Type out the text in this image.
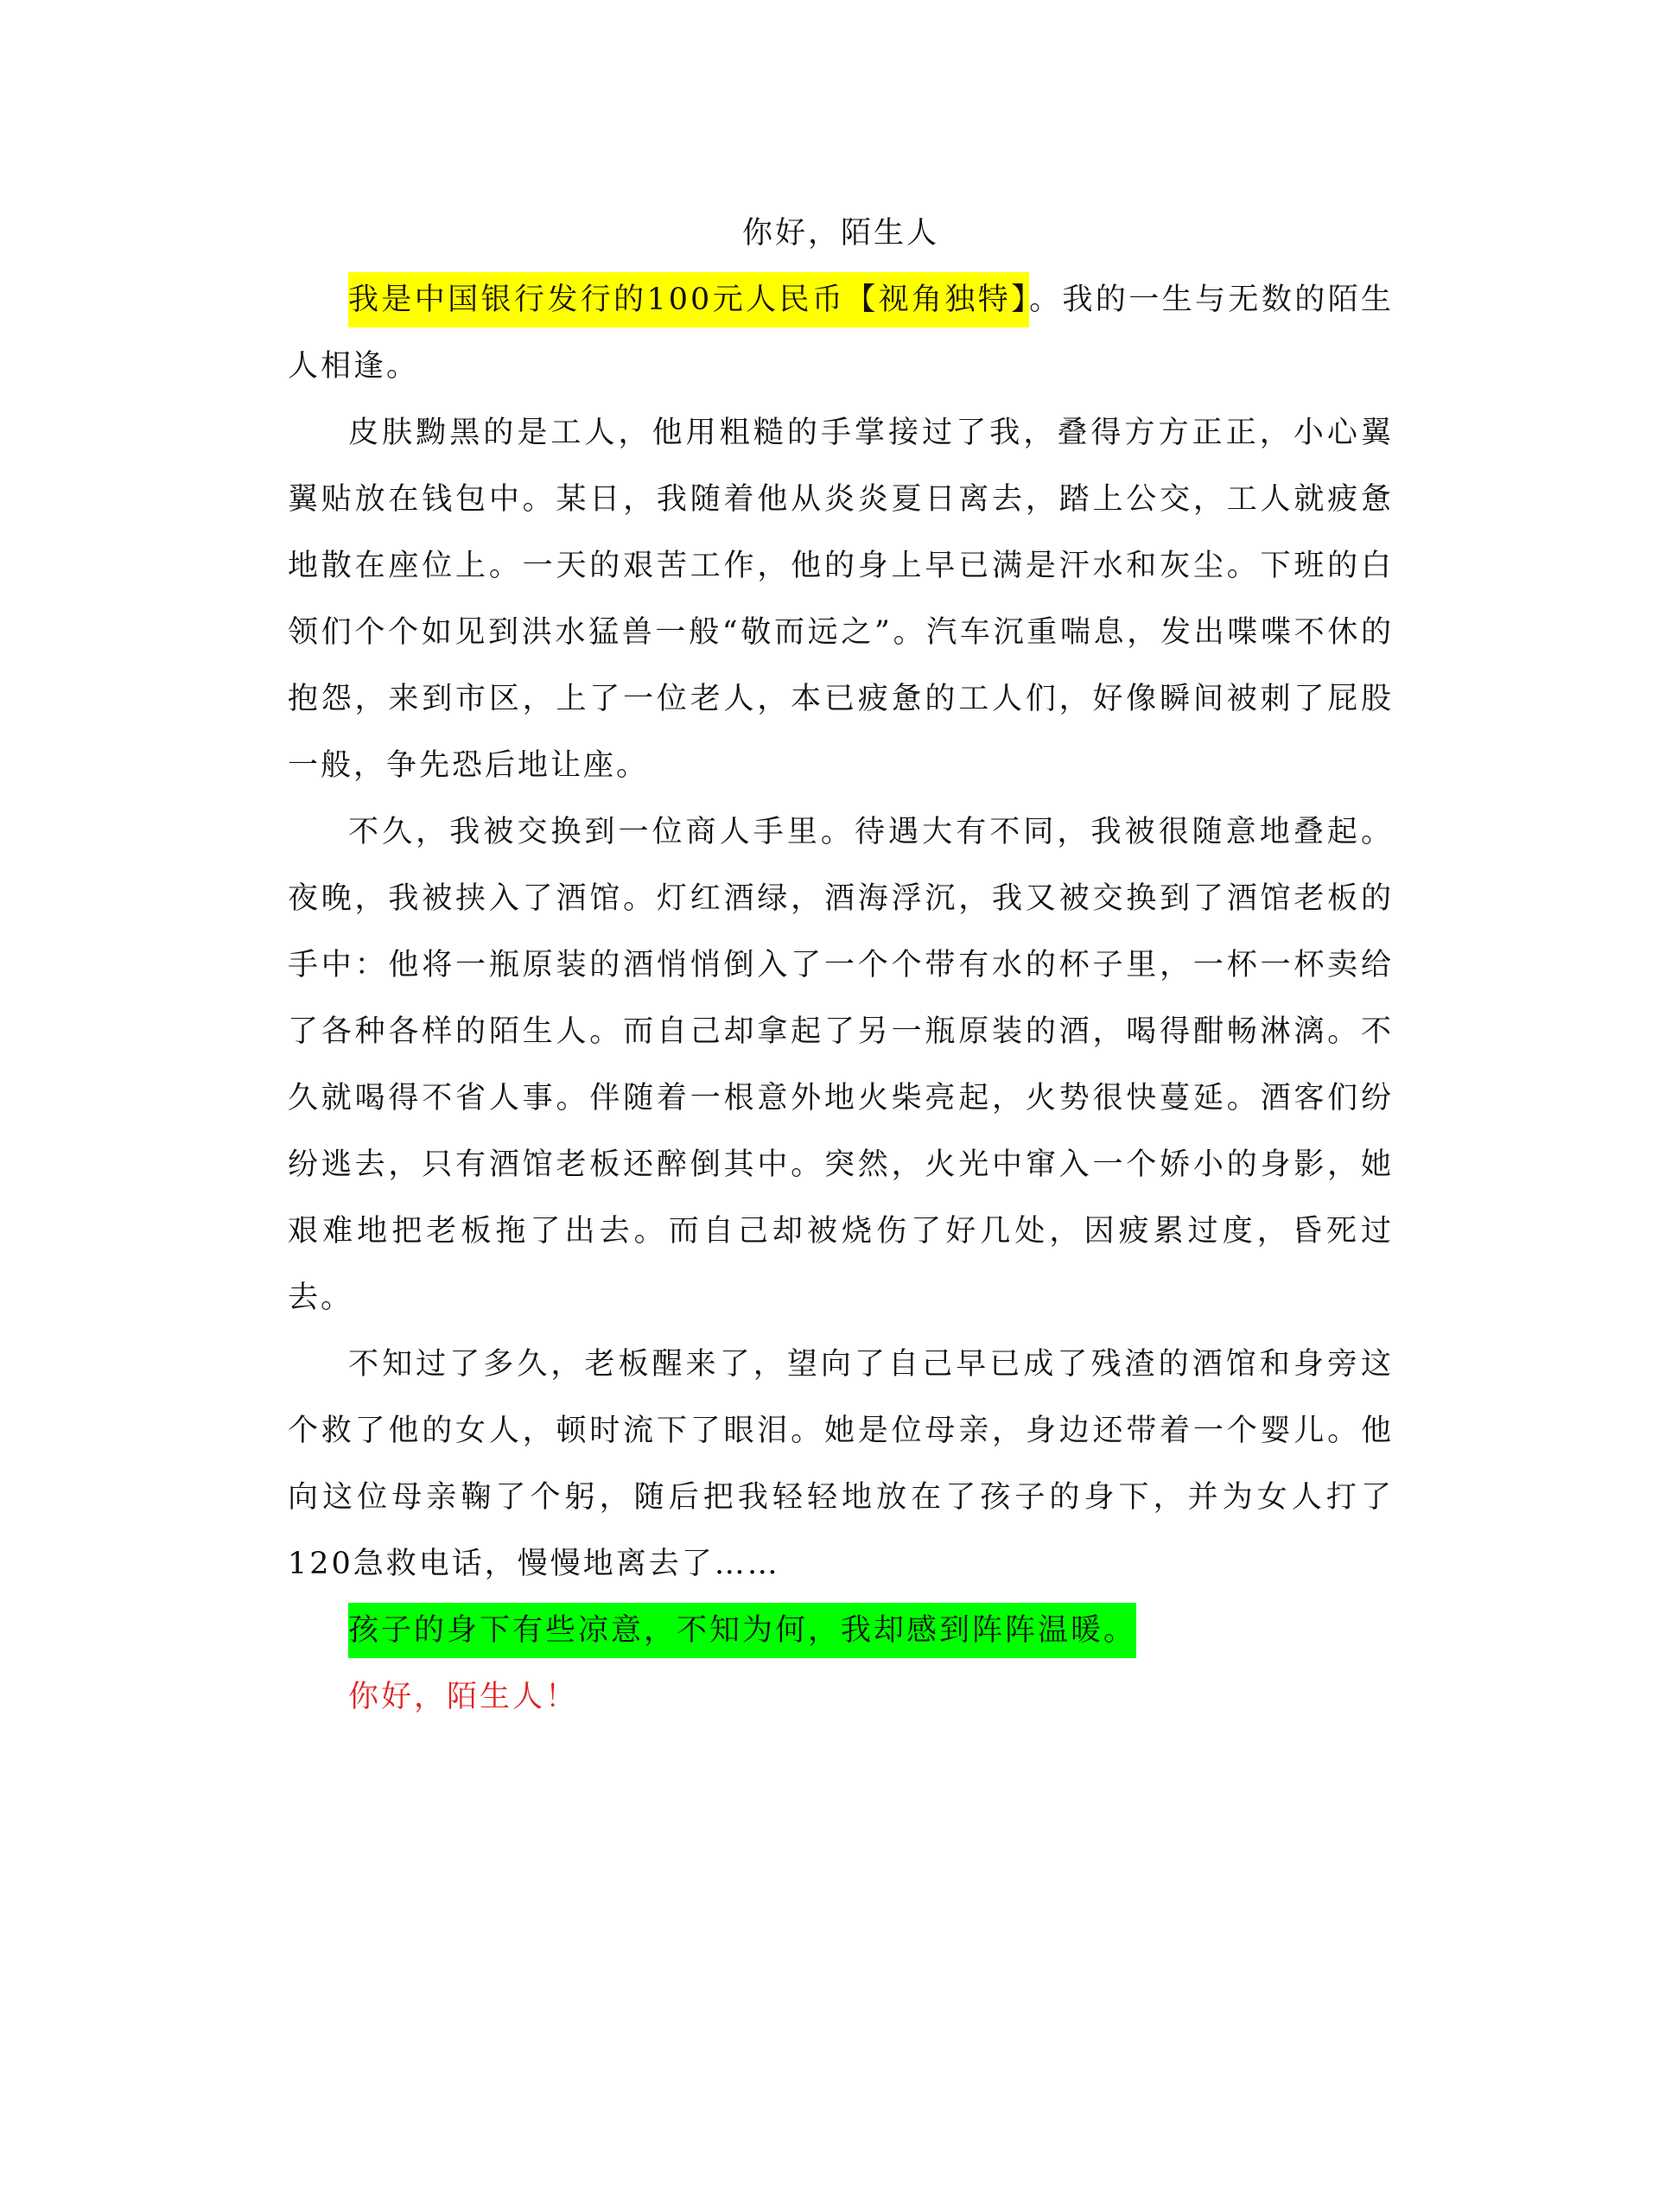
你好，陌生人

我是中国银行发行的100元人民币【视角独特】。我的一生与无数的陌生人相逢。

皮肤黝黑的是工人，他用粗糙的手掌接过了我，叠得方方正正，小心翼翼贴放在钱包中。某日，我随着他从炎炎夏日离去，踏上公交，工人就疲惫地散在座位上。一天的艰苦工作，他的身上早已满是汗水和灰尘。下班的白领们个个如见到洪水猛兽一般“敬而远之”。汽车沉重喘息，发出喋喋不休的抱怨，来到市区，上了一位老人，本已疲惫的工人们，好像瞬间被刺了屁股一般，争先恐后地让座。

不久，我被交换到一位商人手里。待遇大有不同，我被很随意地叠起。夜晚，我被挟入了酒馆。灯红酒绿，酒海浮沉，我又被交换到了酒馆老板的手中：他将一瓶原装的酒悄悄倒入了一个个带有水的杯子里，一杯一杯卖给了各种各样的陌生人。而自己却拿起了另一瓶原装的酒，喝得酣畅淋漓。不久就喝得不省人事。伴随着一根意外地火柴亮起，火势很快蔓延。酒客们纷纷逃去，只有酒馆老板还醉倒其中。突然，火光中窜入一个娇小的身影，她艰难地把老板拖了出去。而自己却被烧伤了好几处，因疲累过度，昏死过去。

不知过了多久，老板醒来了，望向了自己早已成了残渣的酒馆和身旁这个救了他的女人，顿时流下了眼泪。她是位母亲，身边还带着一个婴儿。他向这位母亲鞠了个躬，随后把我轻轻地放在了孩子的身下，并为女人打了120急救电话，慢慢地离去了……

孩子的身下有些凉意，不知为何，我却感到阵阵温暖。

你好，陌生人！
